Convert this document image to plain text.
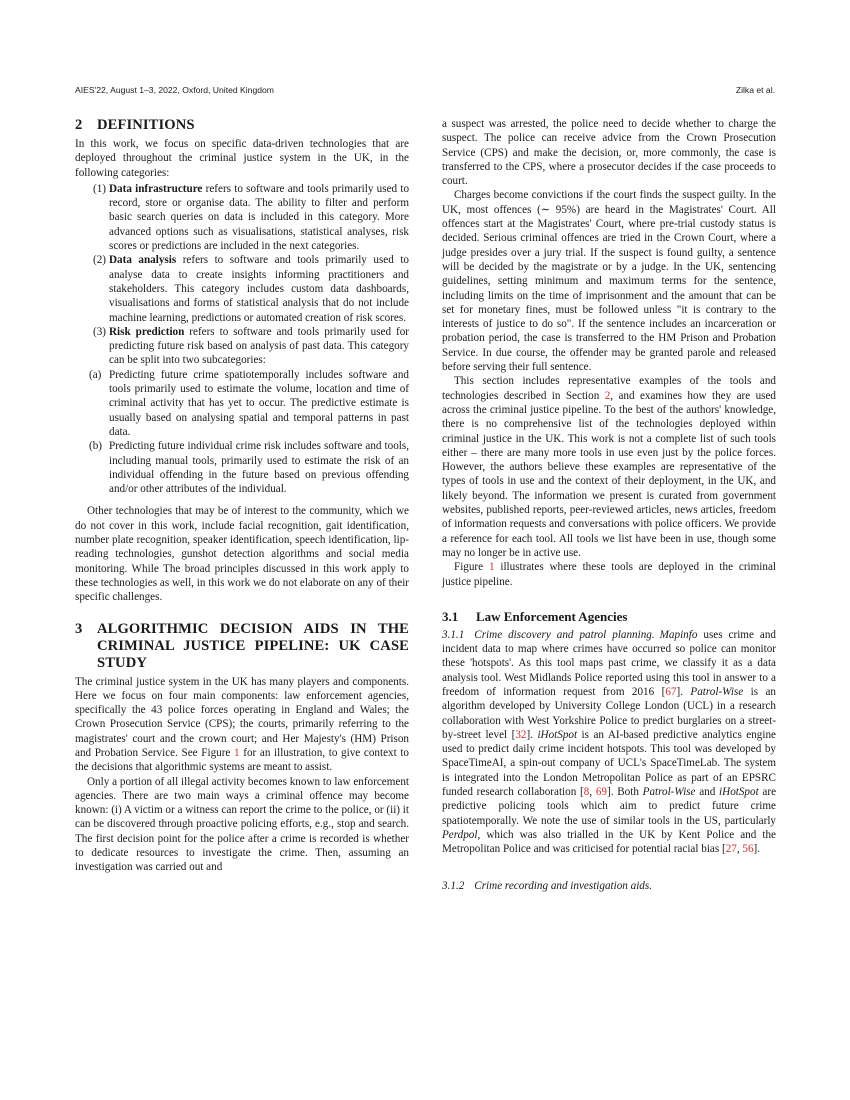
AIES'22, August 1–3, 2022, Oxford, United Kingdom	Zilka et al.
2 DEFINITIONS

In this work, we focus on specific data-driven technologies that are deployed throughout the criminal justice system in the UK, in the following categories:

(1) Data infrastructure refers to software and tools primarily used to record, store or organise data. The ability to filter and perform basic search queries on data is included in this category. More advanced options such as visualisations, statistical analyses, risk scores or predictions are included in the next categories.
(2) Data analysis refers to software and tools primarily used to analyse data to create insights informing practitioners and stakeholders. This category includes custom data dashboards, visualisations and forms of statistical analysis that do not include machine learning, predictions or automated creation of risk scores.
(3) Risk prediction refers to software and tools primarily used for predicting future risk based on analysis of past data. This category can be split into two subcategories:
(a) Predicting future crime spatiotemporally includes software and tools primarily used to estimate the volume, location and time of criminal activity that has yet to occur. The predictive estimate is usually based on analysing spatial and temporal patterns in past data.
(b) Predicting future individual crime risk includes software and tools, including manual tools, primarily used to estimate the risk of an individual offending in the future based on previous offending and/or other attributes of the individual.

Other technologies that may be of interest to the community, which we do not cover in this work, include facial recognition, gait identification, number plate recognition, speaker identification, speech identification, lip-reading technologies, gunshot detection algorithms and social media monitoring. While The broad principles discussed in this work apply to these technologies as well, in this work we do not elaborate on any of their specific challenges.

3 ALGORITHMIC DECISION AIDS IN THE CRIMINAL JUSTICE PIPELINE: UK CASE STUDY

The criminal justice system in the UK has many players and components. Here we focus on four main components: law enforcement agencies, specifically the 43 police forces operating in England and Wales; the Crown Prosecution Service (CPS); the courts, primarily referring to the magistrates' court and the crown court; and Her Majesty's (HM) Prison and Probation Service. See Figure 1 for an illustration, to give context to the decisions that algorithmic systems are meant to assist.

Only a portion of all illegal activity becomes known to law enforcement agencies. There are two main ways a criminal offence may become known: (i) A victim or a witness can report the crime to the police, or (ii) it can be discovered through proactive policing efforts, e.g., stop and search. The first decision point for the police after a crime is recorded is whether to dedicate resources to investigate the crime. Then, assuming an investigation was carried out and

a suspect was arrested, the police need to decide whether to charge the suspect. The police can receive advice from the Crown Prosecution Service (CPS) and make the decision, or, more commonly, the case is transferred to the CPS, where a prosecutor decides if the case proceeds to court.

Charges become convictions if the court finds the suspect guilty. In the UK, most offences (∼ 95%) are heard in the Magistrates' Court. All offences start at the Magistrates' Court, where pre-trial custody status is decided. Serious criminal offences are tried in the Crown Court, where a judge presides over a jury trial. If the suspect is found guilty, a sentence will be decided by the magistrate or by a judge. In the UK, sentencing guidelines, setting minimum and maximum terms for the sentence, including limits on the time of imprisonment and the amount that can be set for monetary fines, must be followed unless "it is contrary to the interests of justice to do so". If the sentence includes an incarceration or probation period, the case is transferred to the HM Prison and Probation Service. In due course, the offender may be granted parole and released before serving their full sentence.

This section includes representative examples of the tools and technologies described in Section 2, and examines how they are used across the criminal justice pipeline. To the best of the authors' knowledge, there is no comprehensive list of the technologies deployed within criminal justice in the UK. This work is not a complete list of such tools either – there are many more tools in use even just by the police forces. However, the authors believe these examples are representative of the types of tools in use and the context of their deployment, in the UK, and likely beyond. The information we present is curated from government websites, published reports, peer-reviewed articles, news articles, freedom of information requests and conversations with police officers. We provide a reference for each tool. All tools we list have been in use, though some may no longer be in active use.

Figure 1 illustrates where these tools are deployed in the criminal justice pipeline.

3.1 Law Enforcement Agencies

3.1.1 Crime discovery and patrol planning. Mapinfo uses crime and incident data to map where crimes have occurred so police can monitor these 'hotspots'. As this tool maps past crime, we classify it as a data analysis tool. West Midlands Police reported using this tool in answer to a freedom of information request from 2016 [67]. Patrol-Wise is an algorithm developed by University College London (UCL) in a research collaboration with West Yorkshire Police to predict burglaries on a street-by-street level [32]. iHotSpot is an AI-based predictive analytics engine used to predict daily crime incident hotspots. This tool was developed by SpaceTimeAI, a spin-out company of UCL's SpaceTimeLab. The system is integrated into the London Metropolitan Police as part of an EPSRC funded research collaboration [8, 69]. Both Patrol-Wise and iHotSpot are predictive policing tools which aim to predict future crime spatiotemporally. We note the use of similar tools in the US, particularly Perdpol, which was also trialled in the UK by Kent Police and the Metropolitan Police and was criticised for potential racial bias [27, 56].

3.1.2 Crime recording and investigation aids.
